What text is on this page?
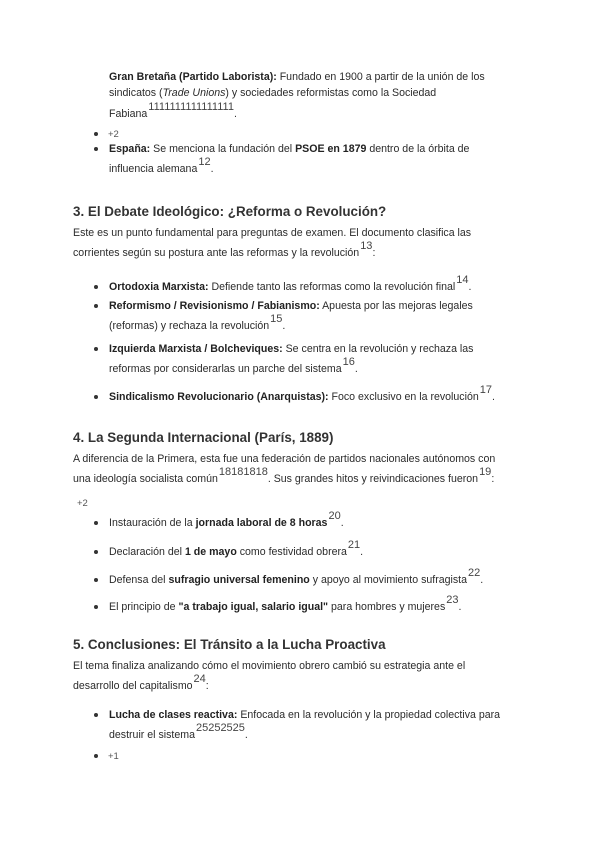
Gran Bretaña (Partido Laborista): Fundado en 1900 a partir de la unión de los
sindicatos (Trade Unions) y sociedades reformistas como la Sociedad
Fabiana$^{1111111111111111}$.
+2
España: Se menciona la fundación del PSOE en 1879 dentro de la órbita de
influencia alemana$^{12}$.
3. El Debate Ideológico: ¿Reforma o Revolución?
Este es un punto fundamental para preguntas de examen. El documento clasifica las
corrientes según su postura ante las reformas y la revolución$^{13}$:
Ortodoxia Marxista: Defiende tanto las reformas como la revolución final$^{14}$.
Reformismo / Revisionismo / Fabianismo: Apuesta por las mejoras legales
(reformas) y rechaza la revolución$^{15}$.
Izquierda Marxista / Bolcheviques: Se centra en la revolución y rechaza las
reformas por considerarlas un parche del sistema$^{16}$.
Sindicalismo Revolucionario (Anarquistas): Foco exclusivo en la revolución$^{17}$.
4. La Segunda Internacional (París, 1889)
A diferencia de la Primera, esta fue una federación de partidos nacionales autónomos con
una ideología socialista común$^{18181818}$. Sus grandes hitos y reivindicaciones fueron$^{19}$:
+2
Instauración de la jornada laboral de 8 horas$^{20}$.
Declaración del 1 de mayo como festividad obrera$^{21}$.
Defensa del sufragio universal femenino y apoyo al movimiento sufragista$^{22}$.
El principio de "a trabajo igual, salario igual" para hombres y mujeres$^{23}$.
5. Conclusiones: El Tránsito a la Lucha Proactiva
El tema finaliza analizando cómo el movimiento obrero cambió su estrategia ante el
desarrollo del capitalismo$^{24}$:
Lucha de clases reactiva: Enfocada en la revolución y la propiedad colectiva para
destruir el sistema$^{25252525}$.
+1
